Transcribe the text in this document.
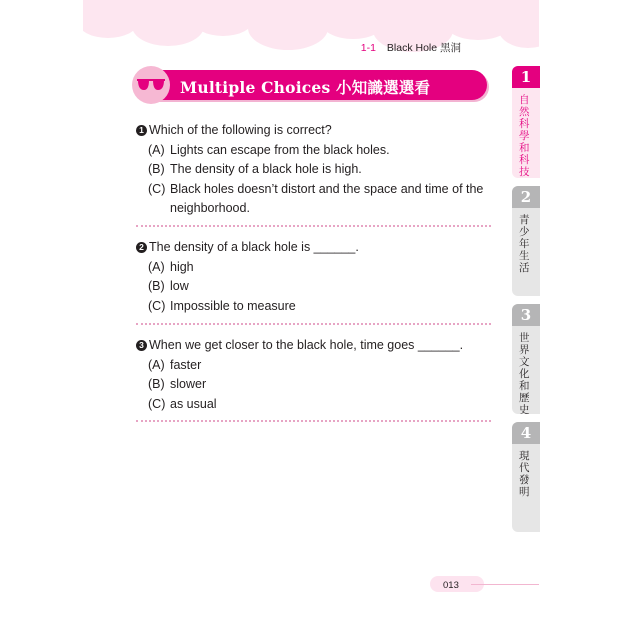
1-1 Black Hole 黑洞
Multiple Choices 小知識選選看
1 Which of the following is correct?
(A) Lights can escape from the black holes.
(B) The density of a black hole is high.
(C) Black holes doesn’t distort and the space and time of the neighborhood.
2 The density of a black hole is ______.
(A) high
(B) low
(C) Impossible to measure
3 When we get closer to the black hole, time goes ______.
(A) faster
(B) slower
(C) as usual
013
1
自然科學和科技
2
青少年生活
3
世界文化和歷史
4
現代發明
